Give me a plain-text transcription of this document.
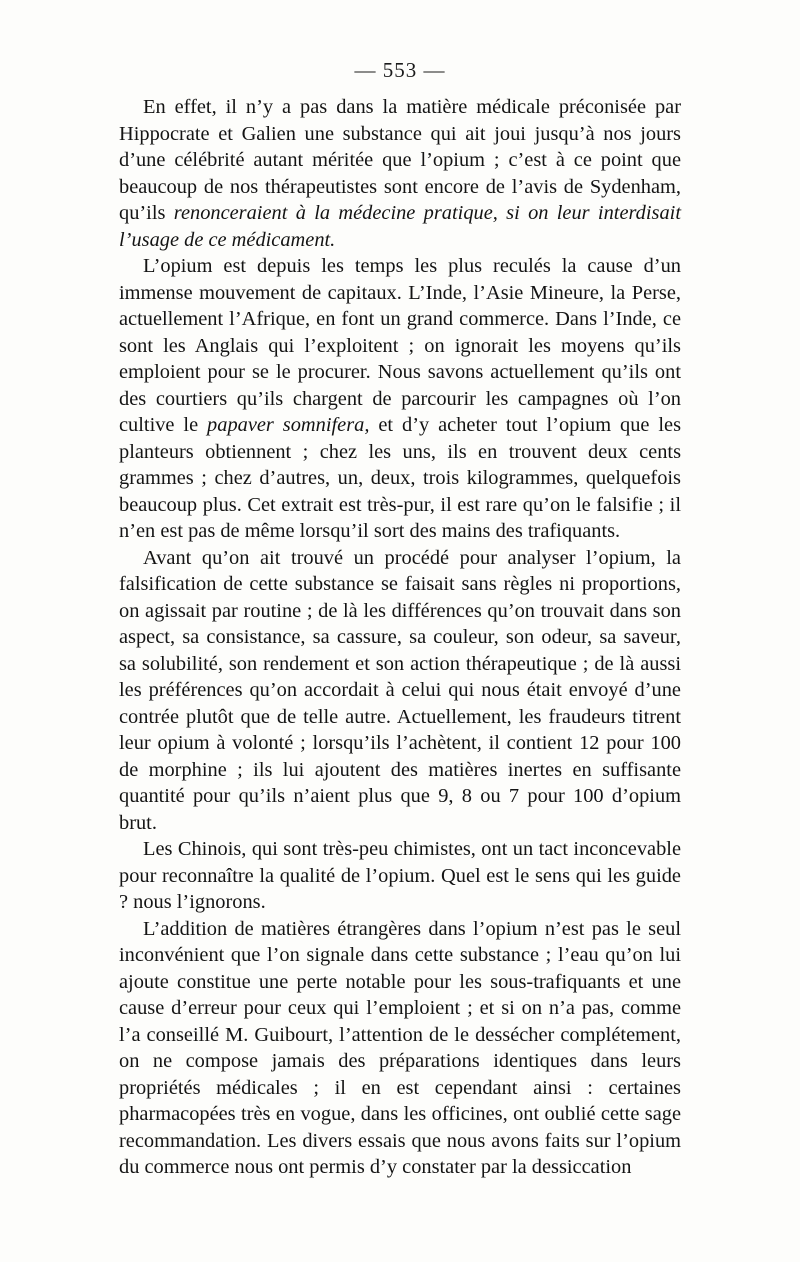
— 553 —

En effet, il n’y a pas dans la matière médicale préconisée par Hippocrate et Galien une substance qui ait joui jusqu’à nos jours d’une célébrité autant méritée que l’opium ; c’est à ce point que beaucoup de nos thérapeutistes sont encore de l’avis de Sydenham, qu’ils renonceraient à la médecine pratique, si on leur interdisait l’usage de ce médicament.

L’opium est depuis les temps les plus reculés la cause d’un immense mouvement de capitaux. L’Inde, l’Asie Mineure, la Perse, actuellement l’Afrique, en font un grand commerce. Dans l’Inde, ce sont les Anglais qui l’exploitent ; on ignorait les moyens qu’ils emploient pour se le procurer. Nous savons actuellement qu’ils ont des courtiers qu’ils chargent de parcourir les campagnes où l’on cultive le papaver somnifera, et d’y acheter tout l’opium que les planteurs obtiennent ; chez les uns, ils en trouvent deux cents grammes ; chez d’autres, un, deux, trois kilogrammes, quelquefois beaucoup plus. Cet extrait est très-pur, il est rare qu’on le falsifie ; il n’en est pas de même lorsqu’il sort des mains des trafiquants.

Avant qu’on ait trouvé un procédé pour analyser l’opium, la falsification de cette substance se faisait sans règles ni proportions, on agissait par routine ; de là les différences qu’on trouvait dans son aspect, sa consistance, sa cassure, sa couleur, son odeur, sa saveur, sa solubilité, son rendement et son action thérapeutique ; de là aussi les préférences qu’on accordait à celui qui nous était envoyé d’une contrée plutôt que de telle autre. Actuellement, les fraudeurs titrent leur opium à volonté ; lorsqu’ils l’achètent, il contient 12 pour 100 de morphine ; ils lui ajoutent des matières inertes en suffisante quantité pour qu’ils n’aient plus que 9, 8 ou 7 pour 100 d’opium brut.

Les Chinois, qui sont très-peu chimistes, ont un tact inconcevable pour reconnaître la qualité de l’opium. Quel est le sens qui les guide ? nous l’ignorons.

L’addition de matières étrangères dans l’opium n’est pas le seul inconvénient que l’on signale dans cette substance ; l’eau qu’on lui ajoute constitue une perte notable pour les sous-trafiquants et une cause d’erreur pour ceux qui l’emploient ; et si on n’a pas, comme l’a conseillé M. Guibourt, l’attention de le dessécher complétement, on ne compose jamais des préparations identiques dans leurs propriétés médicales ; il en est cependant ainsi : certaines pharmacopées très en vogue, dans les officines, ont oublié cette sage recommandation. Les divers essais que nous avons faits sur l’opium du commerce nous ont permis d’y constater par la dessiccation
